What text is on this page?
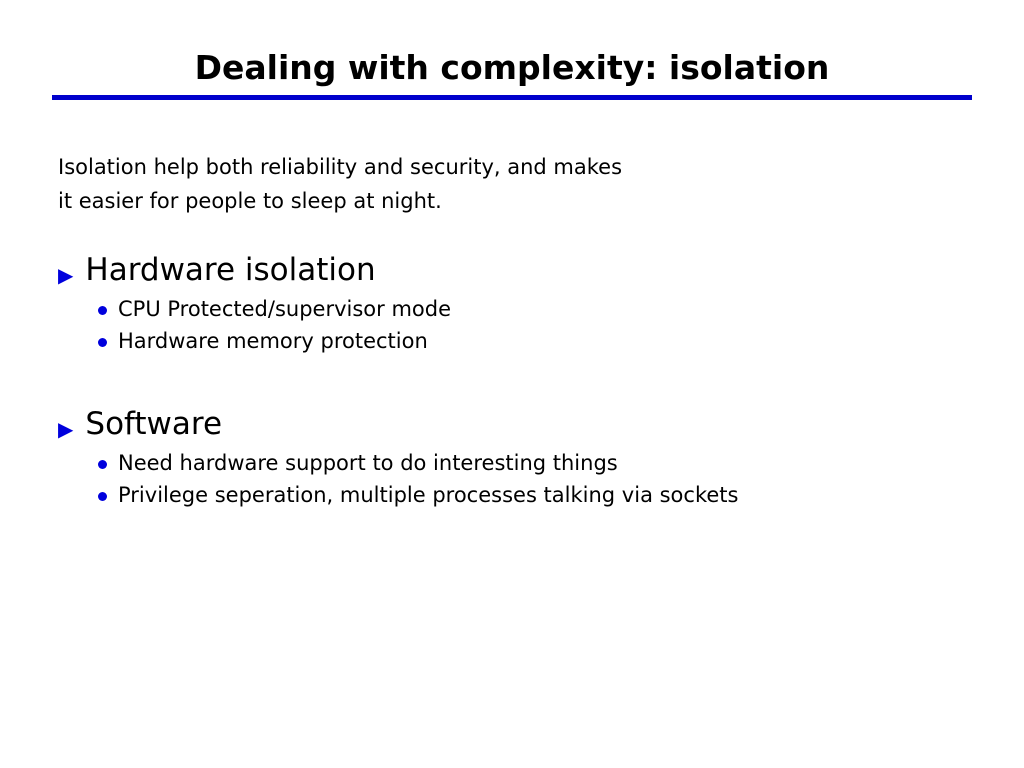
Dealing with complexity: isolation
Isolation help both reliability and security, and makes
it easier for people to sleep at night.
▶ Hardware isolation
CPU Protected/supervisor mode
Hardware memory protection
▶ Software
Need hardware support to do interesting things
Privilege seperation, multiple processes talking via sockets
